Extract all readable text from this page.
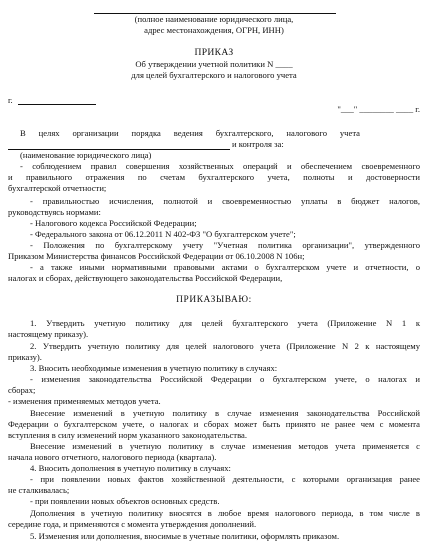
(полное наименование юридического лица,
адрес местонахождения, ОГРН, ИНН)
ПРИКАЗ
Об утверждении учетной политики N ____
для целей бухгалтерского и налогового учета
г.
"___" ________ ____ г.
В целях организации порядка ведения бухгалтерского, налогового учета
и контроля за:
(наименование юридического лица)
- соблюдением правил совершения хозяйственных операций и обеспечением своевременного
и правильного отражения по счетам бухгалтерского учета, полноты и достоверности
бухгалтерской отчетности;
- правильностью исчисления, полнотой и своевременностью уплаты в бюджет налогов,
руководствуясь нормами:
- Налогового кодекса Российской Федерации;
- Федерального закона от 06.12.2011 N 402-ФЗ "О бухгалтерском учете";
- Положения по бухгалтерскому учету "Учетная политика организации", утвержденного
Приказом Министерства финансов Российской Федерации от 06.10.2008 N 106н;
- а также иными нормативными правовыми актами о бухгалтерском учете и отчетности, о
налогах и сборах, действующего законодательства Российской Федерации,
ПРИКАЗЫВАЮ:
1. Утвердить учетную политику для целей бухгалтерского учета (Приложение N 1 к
настоящему приказу).
2. Утвердить учетную политику для целей налогового учета (Приложение N 2 к настоящему
приказу).
3. Вносить необходимые изменения в учетную политику в случаях:
- изменения законодательства Российской Федерации о бухгалтерском учете, о налогах и
сборах;
- изменения применяемых методов учета.
Внесение изменений в учетную политику в случае изменения законодательства Российской
Федерации о бухгалтерском учете, о налогах и сборах может быть принято не ранее чем с момента
вступления в силу изменений норм указанного законодательства.
Внесение изменений в учетную политику в случае изменения методов учета применяется с
начала нового отчетного, налогового периода (квартала).
4. Вносить дополнения в учетную политику в случаях:
- при появлении новых фактов хозяйственной деятельности, с которыми организация ранее
не сталкивалась;
- при появлении новых объектов основных средств.
Дополнения в учетную политику вносятся в любое время налогового периода, в том числе в
середине года, и применяются с момента утверждения дополнений.
5. Изменения или дополнения, вносимые в учетные политики, оформлять приказом.
